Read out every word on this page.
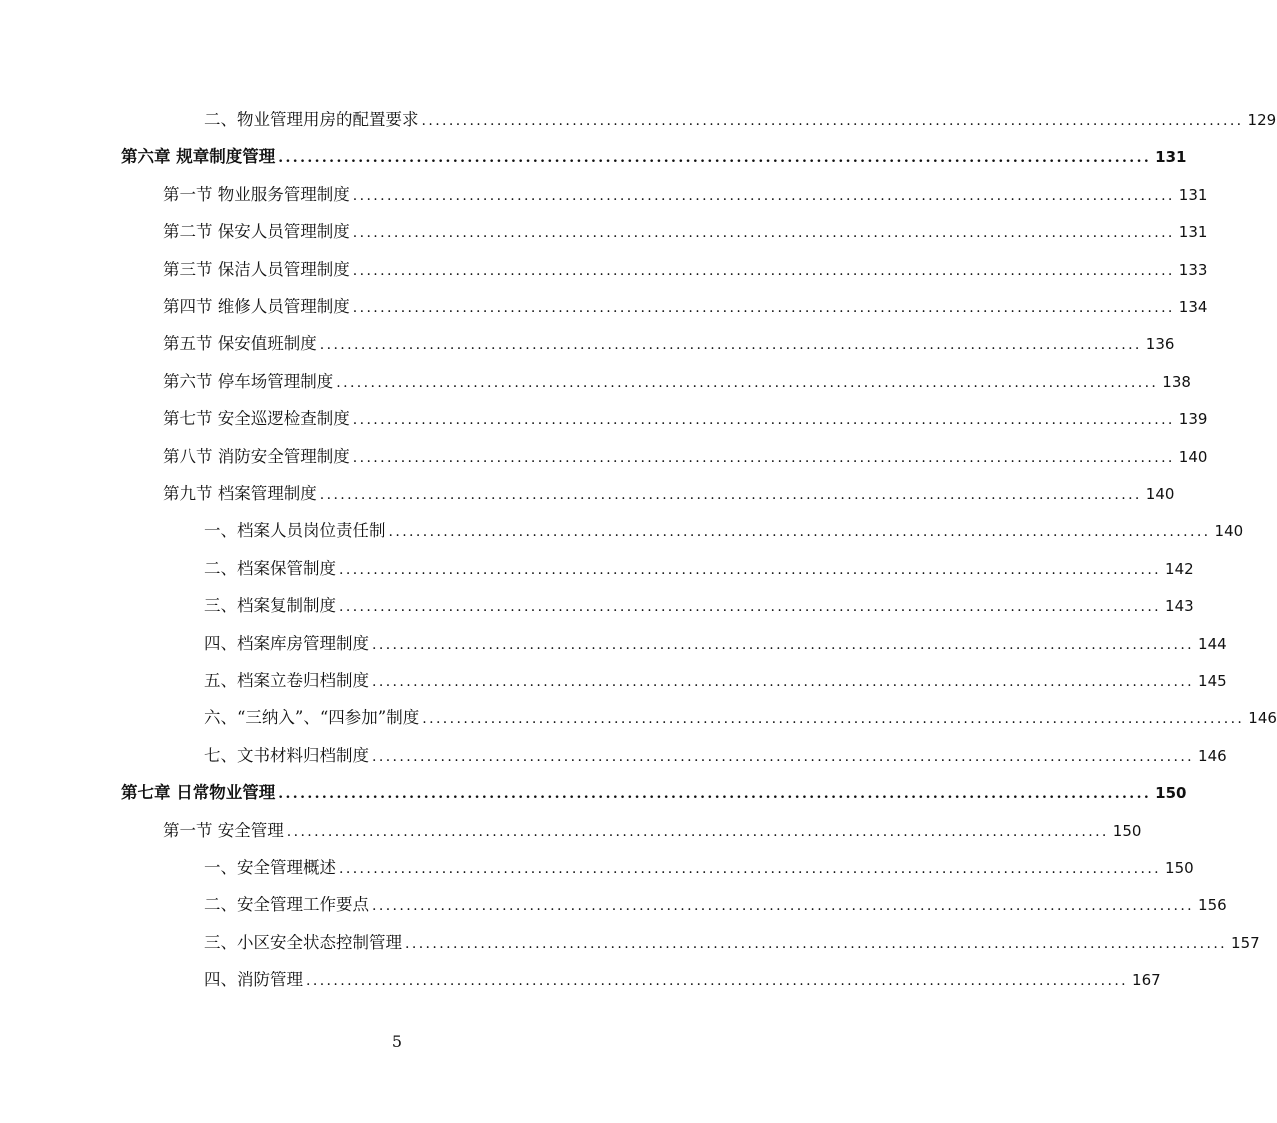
二、物业管理用房的配置要求 ........................................................................................................................ 129
第六章 规章制度管理 ........................................................................................................................ 131
第一节 物业服务管理制度 ........................................................................................................................ 131
第二节 保安人员管理制度 ........................................................................................................................ 131
第三节 保洁人员管理制度 ........................................................................................................................ 133
第四节 维修人员管理制度 ........................................................................................................................ 134
第五节 保安值班制度 ........................................................................................................................ 136
第六节 停车场管理制度 ........................................................................................................................ 138
第七节 安全巡逻检查制度 ........................................................................................................................ 139
第八节 消防安全管理制度 ........................................................................................................................ 140
第九节 档案管理制度 ........................................................................................................................ 140
一、档案人员岗位责任制 ........................................................................................................................ 140
二、档案保管制度 ........................................................................................................................ 142
三、档案复制制度 ........................................................................................................................ 143
四、档案库房管理制度 ........................................................................................................................ 144
五、档案立卷归档制度 ........................................................................................................................ 145
六、“三纳入”、“四参加”制度 ........................................................................................................................ 146
七、文书材料归档制度 ........................................................................................................................ 146
第七章 日常物业管理 ........................................................................................................................ 150
第一节 安全管理 ........................................................................................................................ 150
一、安全管理概述 ........................................................................................................................ 150
二、安全管理工作要点 ........................................................................................................................ 156
三、小区安全状态控制管理 ........................................................................................................................ 157
四、消防管理 ........................................................................................................................ 167
5
